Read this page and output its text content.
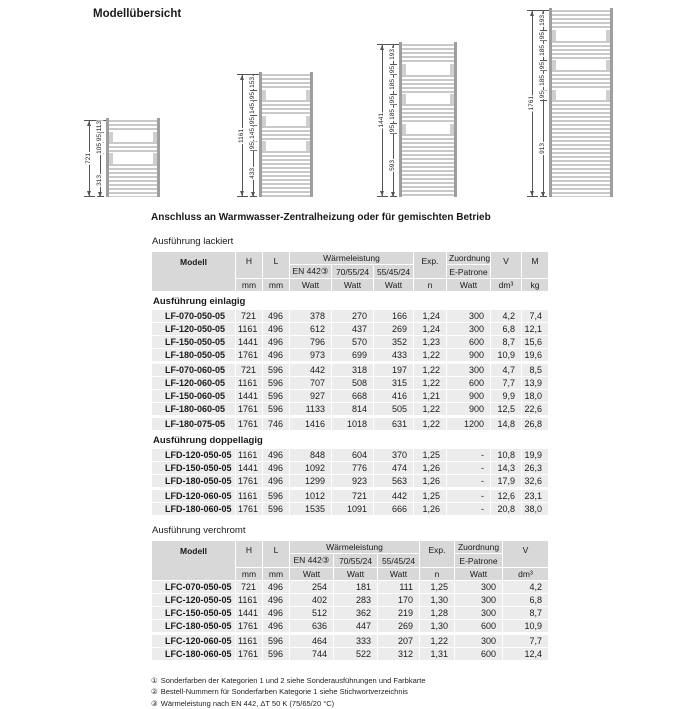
Modellübersicht
721
113
95
105
313
1161
153
95
145
95
145
95
433
1441
193
95
185
95
185
95
593
1761
193
95
185
95
185
95
913
Anschluss an Warmwasser-Zentralheizung oder für gemischten Betrieb
Ausführung lackiert
Modell	H	L	Wärmeleistung			Exp.	Zuordnung	V	M
			EN 442③	70/55/24	55/45/24		E-Patrone		
	mm	mm	Watt	Watt	Watt	n	Watt	dm³	kg
Ausführung einlagig									
LF-070-050-05	721	496	378	270	166	1,24	300	4,2	7,4
LF-120-050-05	1161	496	612	437	269	1,24	300	6,8	12,1
LF-150-050-05	1441	496	796	570	352	1,23	600	8,7	15,6
LF-180-050-05	1761	496	973	699	433	1,22	900	10,9	19,6
LF-070-060-05	721	596	442	318	197	1,22	300	4,7	8,5
LF-120-060-05	1161	596	707	508	315	1,22	600	7,7	13,9
LF-150-060-05	1441	596	927	668	416	1,21	900	9,9	18,0
LF-180-060-05	1761	596	1133	814	505	1,22	900	12,5	22,6
LF-180-075-05	1761	746	1416	1018	631	1,22	1200	14,8	26,8
Ausführung doppellagig									
LFD-120-050-05	1161	496	848	604	370	1,25	-	10,8	19,9
LFD-150-050-05	1441	496	1092	776	474	1,26	-	14,3	26,3
LFD-180-050-05	1761	496	1299	923	563	1,26	-	17,9	32,6
LFD-120-060-05	1161	596	1012	721	442	1,25	-	12,6	23,1
LFD-180-060-05	1761	596	1535	1091	666	1,26	-	20,8	38,0
Ausführung verchromt
Modell	H	L	Wärmeleistung			Exp.	Zuordnung	V
			EN 442③	70/55/24	55/45/24		E-Patrone	
	mm	mm	Watt	Watt	Watt	n	Watt	dm³
LFC-070-050-05	721	496	254	181	111	1,25	300	4,2
LFC-120-050-05	1161	496	402	283	170	1,30	300	6,8
LFC-150-050-05	1441	496	512	362	219	1,28	300	8,7
LFC-180-050-05	1761	496	636	447	269	1,30	600	10,9
LFC-120-060-05	1161	596	464	333	207	1,22	300	7,7
LFC-180-060-05	1761	596	744	522	312	1,31	600	12,4
① Sonderfarben der Kategorien 1 und 2 siehe Sonderausführungen und Farbkarte
② Bestell-Nummern für Sonderfarben Kategorie 1 siehe Stichwortverzeichnis
③ Wärmeleistung nach EN 442, ΔT 50 K (75/65/20 °C)
